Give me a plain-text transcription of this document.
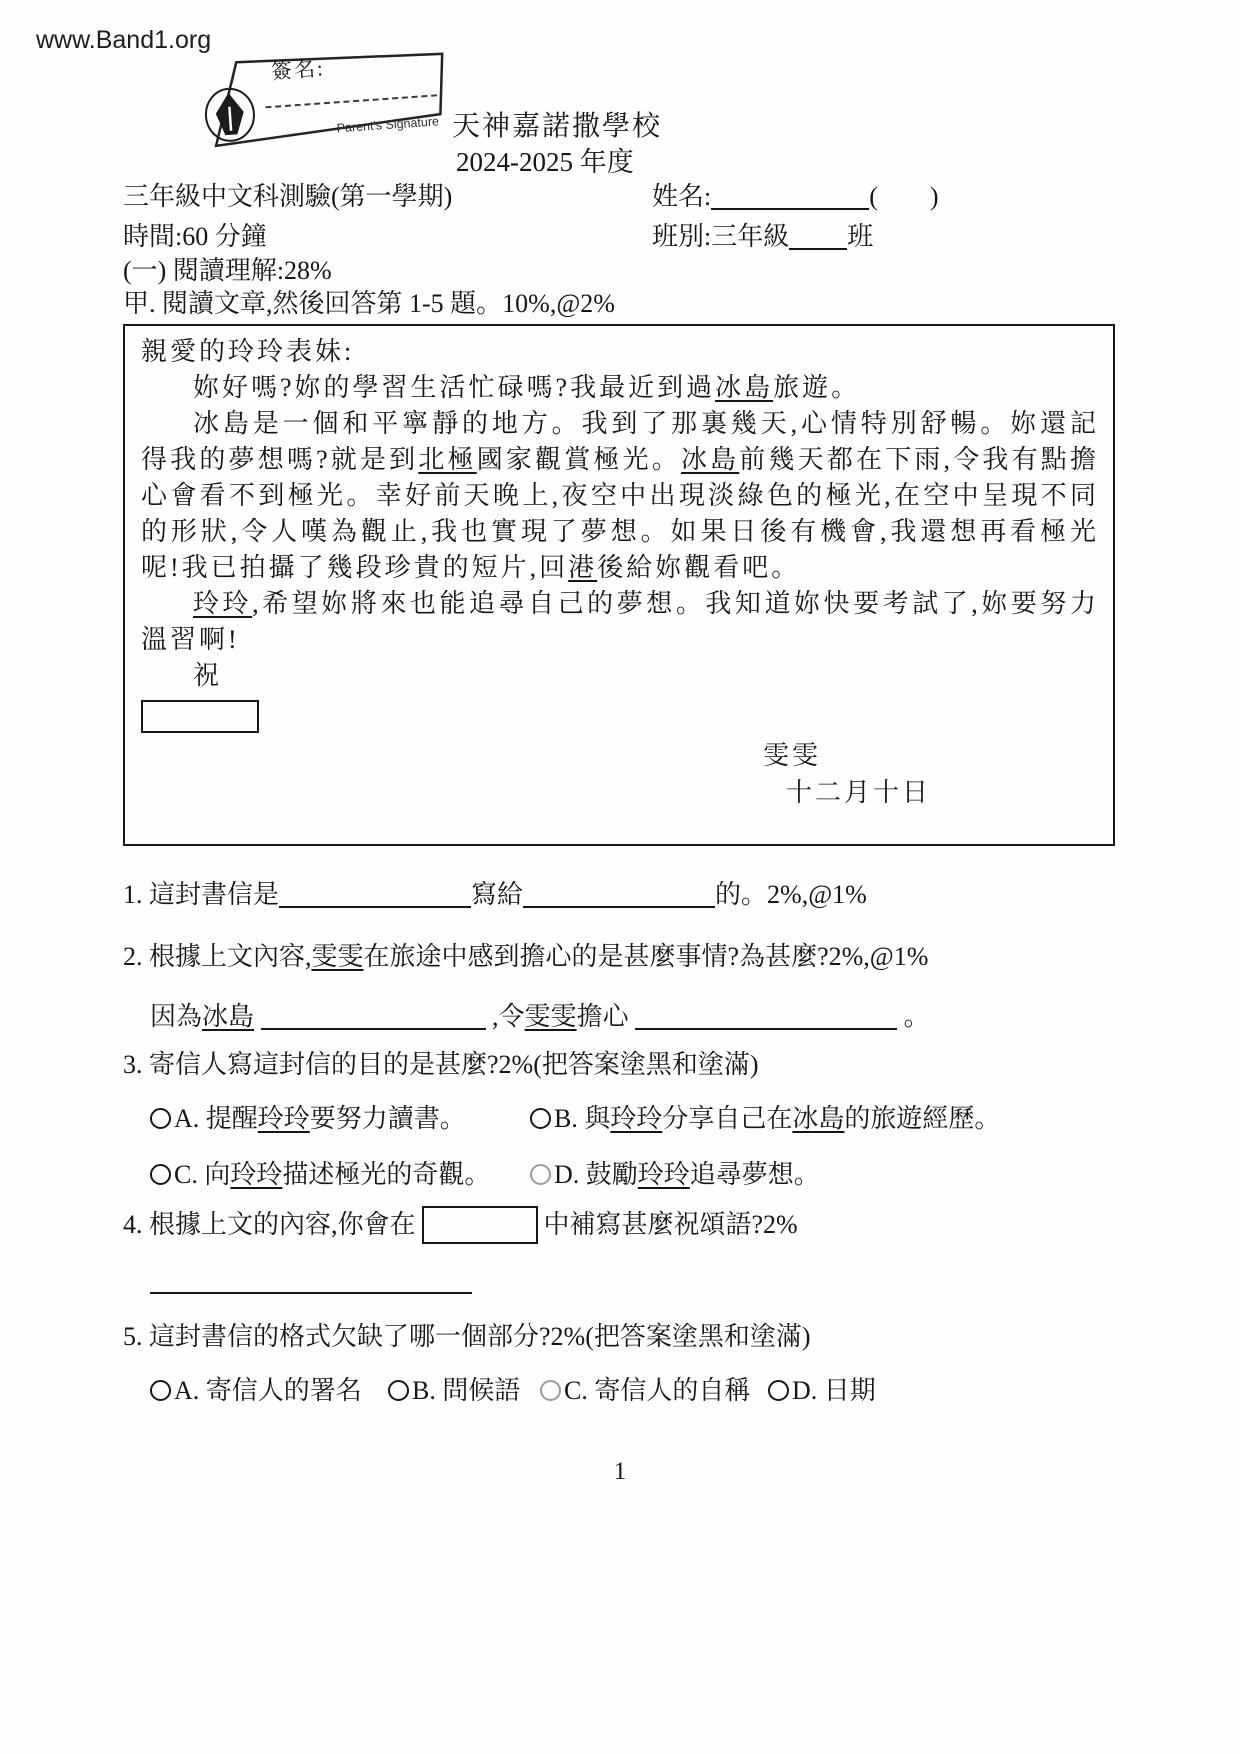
www.Band1.org
簽名:
Parent's Signature 天神嘉諾撒學校
2024-2025 年度
三年級中文科測驗(第一學期)	姓名:	(　　)
時間:60 分鐘	班別:三年級 班
(一) 閱讀理解:28%
甲. 閱讀文章,然後回答第 1-5 題。10%,@2%

親愛的玲玲表妹:

妳好嗎?妳的學習生活忙碌嗎?我最近到過冰島旅遊。

冰島是一個和平寧靜的地方。我到了那裏幾天,心情特別舒暢。妳還記得我的夢想嗎?就是到北極國家觀賞極光。冰島前幾天都在下雨,令我有點擔心會看不到極光。幸好前天晚上,夜空中出現淡綠色的極光,在空中呈現不同的形狀,令人嘆為觀止,我也實現了夢想。如果日後有機會,我還想再看極光呢!我已拍攝了幾段珍貴的短片,回港後給妳觀看吧。

玲玲,希望妳將來也能追尋自己的夢想。我知道妳快要考試了,妳要努力溫習啊!

祝

雯雯
十二月十日
1. 這封書信是	寫給	的。2%,@1%
2. 根據上文內容,雯雯在旅途中感到擔心的是甚麼事情?為甚麼?2%,@1%
因為冰島	,令雯雯擔心	。
3. 寄信人寫這封信的目的是甚麼?2%(把答案塗黑和塗滿)
A. 提醒玲玲要努力讀書。	B. 與玲玲分享自己在冰島的旅遊經歷。
C. 向玲玲描述極光的奇觀。	D. 鼓勵玲玲追尋夢想。
4. 根據上文的內容,你會在	中補寫甚麼祝頌語?2%
5. 這封書信的格式欠缺了哪一個部分?2%(把答案塗黑和塗滿)
A. 寄信人的署名	B. 問候語	C. 寄信人的自稱	D. 日期
1
